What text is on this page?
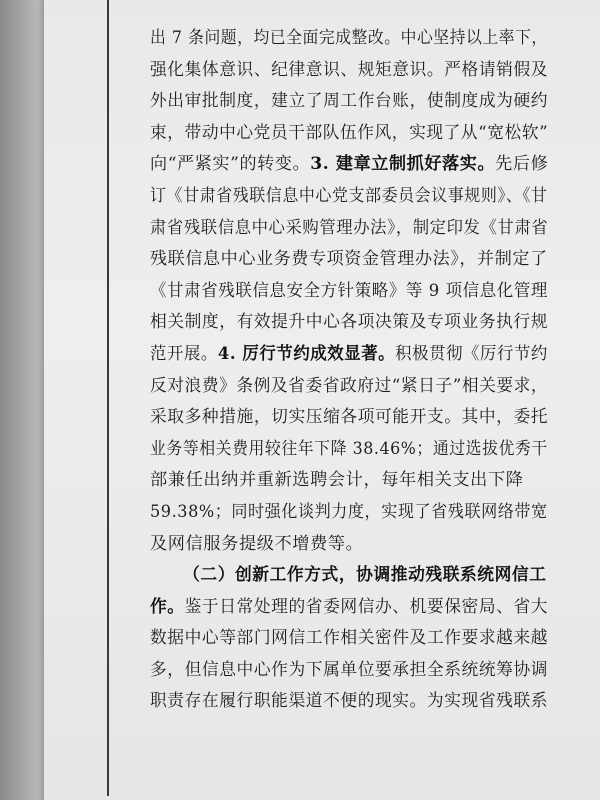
出 7 条问题，均已全面完成整改。中心坚持以上率下，
强化集体意识、纪律意识、规矩意识。严格请销假及
外出审批制度，建立了周工作台账，使制度成为硬约
束，带动中心党员干部队伍作风，实现了从“宽松软”
向“严紧实”的转变。3. 建章立制抓好落实。先后修
订《甘肃省残联信息中心党支部委员会议事规则》、《甘
肃省残联信息中心采购管理办法》，制定印发《甘肃省
残联信息中心业务费专项资金管理办法》，并制定了
《甘肃省残联信息安全方针策略》等 9 项信息化管理
相关制度，有效提升中心各项决策及专项业务执行规
范开展。4. 厉行节约成效显著。积极贯彻《厉行节约
反对浪费》条例及省委省政府过“紧日子”相关要求，
采取多种措施，切实压缩各项可能开支。其中，委托
业务等相关费用较往年下降 38.46%；通过选拔优秀干
部兼任出纳并重新选聘会计，每年相关支出下降
59.38%；同时强化谈判力度，实现了省残联网络带宽
及网信服务提级不增费等。
（二）创新工作方式，协调推动残联系统网信工
作。鉴于日常处理的省委网信办、机要保密局、省大
数据中心等部门网信工作相关密件及工作要求越来越
多，但信息中心作为下属单位要承担全系统统筹协调
职责存在履行职能渠道不便的现实。为实现省残联系
